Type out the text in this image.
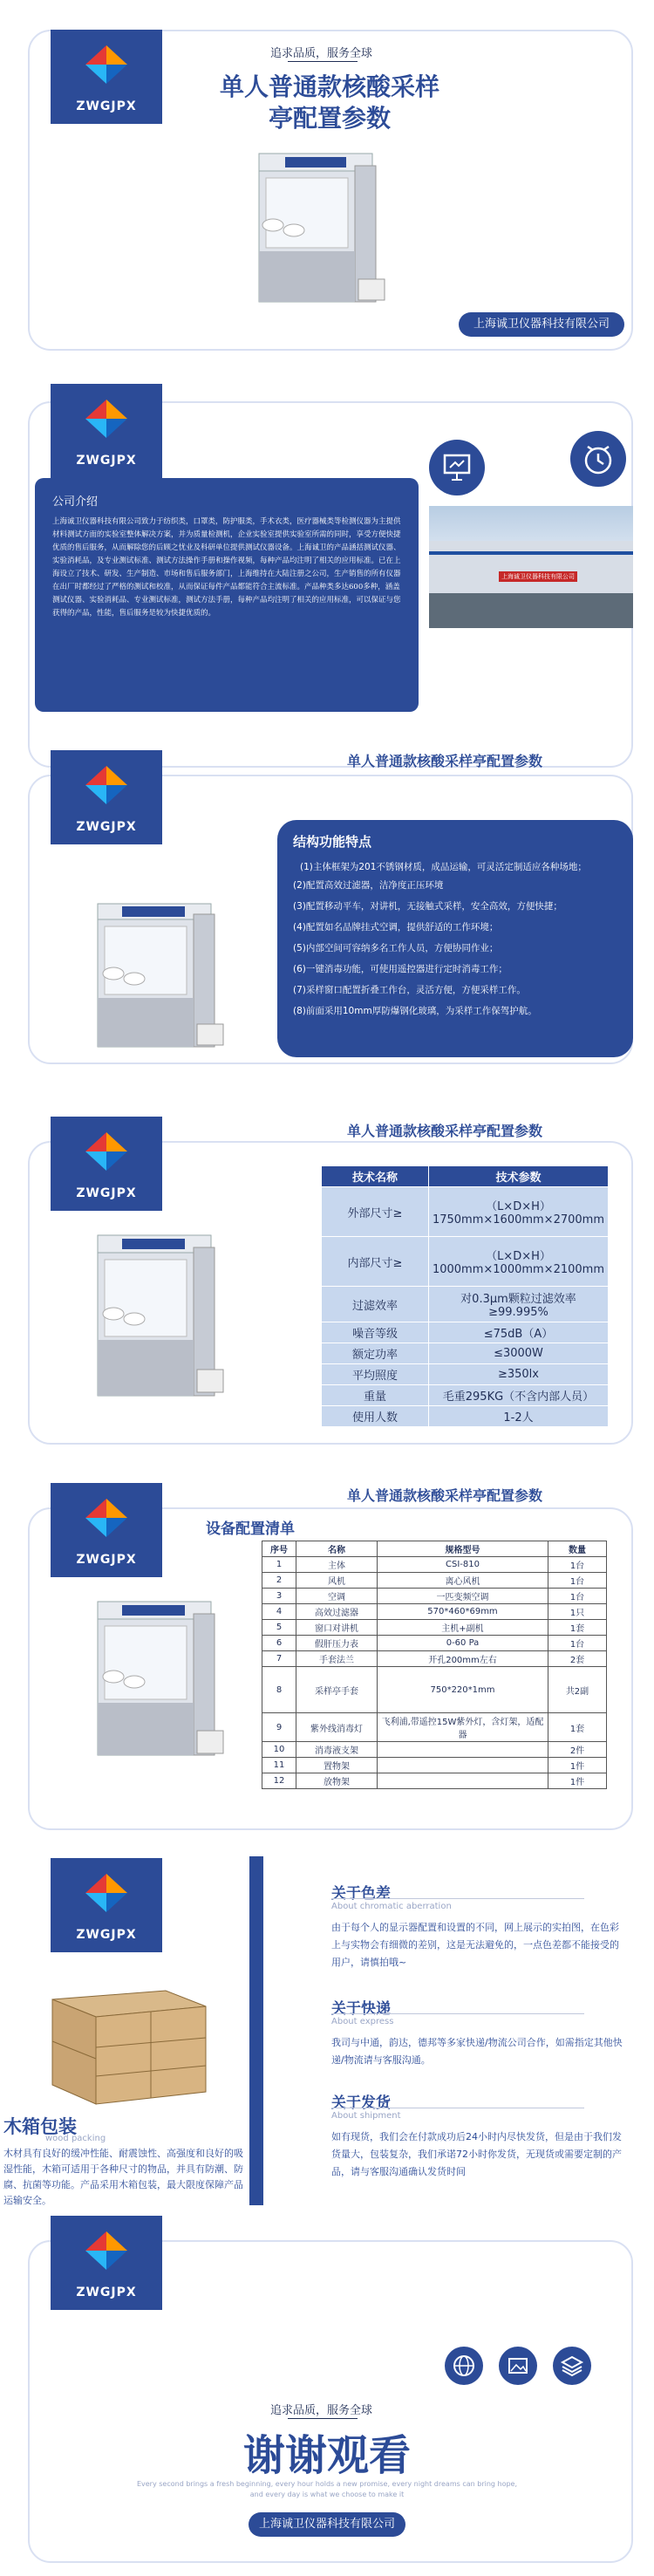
ZWGJPX
追求品质，服务全球
单人普通款核酸采样
亭配置参数
上海诚卫仪器科技有限公司
ZWGJPX
公司介绍
上海诚卫仪器科技有限公司致力于纺织类，口罩类，防护服类，手术衣类，医疗器械类等检测仪器为主提供材料测试方面的实验室整体解决方案，并为质量检测机，企业实验室提供实验室所需的同时，享受方便快捷优质的售后服务，从而解除您的后顾之忧业及科研单位提供测试仪器设备。上海诚卫的产品涵括测试仪器、实验消耗品，及专业测试标准、测试方法操作手册和操作视频，每种产品均注明了相关的应用标准。已在上海设立了技术、研发、生产制造、市场和售后服务部门，上海维持在大陆注册之公司，生产销售的所有仪器在出厂时都经过了严格的测试和校准，从而保证每件产品都能符合主流标准。产品种类多达600多种，涵盖测试仪器、实验消耗品、专业测试标准，测试方法手册，每种产品均注明了相关的应用标准，可以保证与您获得的产品，性能，售后服务是较为快捷优质的。
上海诚卫仪器科技有限公司
ZWGJPX
单人普通款核酸采样亭配置参数
结构功能特点
(1)主体框架为201不锈钢材质，成品运输，可灵活定制适应各种场地；
(2)配置高效过滤器，洁净度正压环境
(3)配置移动平车，对讲机，无接触式采样，安全高效，方便快捷；
(4)配置如名品牌挂式空调，提供舒适的工作环境；
(5)内部空间可容纳多名工作人员，方便协同作业；
(6)一键消毒功能，可使用遥控器进行定时消毒工作；
(7)采样窗口配置折叠工作台，灵活方便，方便采样工作。
(8)前面采用10mm厚防爆钢化玻璃，为采样工作保驾护航。
ZWGJPX
单人普通款核酸采样亭配置参数
技术名称	技术参数
外部尺寸≥	（L×D×H）
1750mm×1600mm×2700mm
内部尺寸≥	（L×D×H）
1000mm×1000mm×2100mm
过滤效率	对0.3μm颗粒过滤效率≥99.995%
噪音等级	≤75dB（A）
额定功率	≤3000W
平均照度	≥350lx
重量	毛重295KG（不含内部人员）
使用人数	1-2人
ZWGJPX
单人普通款核酸采样亭配置参数
设备配置清单
序号	名称	规格型号	数量
1	主体	CSI-810	1台
2	风机	离心风机	1台
3	空调	一匹变频空调	1台
4	高效过滤器	570*460*69mm	1只
5	窗口对讲机	主机+副机	1套
6	假肝压力表	0-60 Pa	1台
7	手套法兰	开孔200mm左右	2套
8	采样亭手套	750*220*1mm	共2副
9	紫外线消毒灯	飞利浦,带遥控15W紫外灯，含灯架，适配器	1套
10	消毒液支架		2件
11	置物架		1件
12	放物架		1件
ZWGJPX
木箱包装
wood packing
木材具有良好的缓冲性能、耐震蚀性、高强度和良好的吸湿性能，木箱可适用于各种尺寸的物品，并具有防潮、防腐、抗菌等功能。产品采用木箱包装，最大限度保障产品运输安全。
关于色差
About chromatic aberration
由于每个人的显示器配置和设置的不同，网上展示的实拍图，在色彩上与实物会有细微的差别，这是无法避免的，一点色差都不能接受的用户，请慎拍哦~
关于快递
About express
我司与中通，韵达，德邦等多家快递/物流公司合作，如需指定其他快递/物流请与客服沟通。
关于发货
About shipment
如有现货，我们会在付款成功后24小时内尽快发货，但是由于我们发货量大，包装复杂，我们承诺72小时你发货，无现货或需要定制的产品，请与客服沟通确认发货时间
ZWGJPX
追求品质，服务全球
谢谢观看
Every second brings a fresh beginning, every hour holds a new promise, every night dreams can bring hope, and every day is what we choose to make it
上海诚卫仪器科技有限公司
